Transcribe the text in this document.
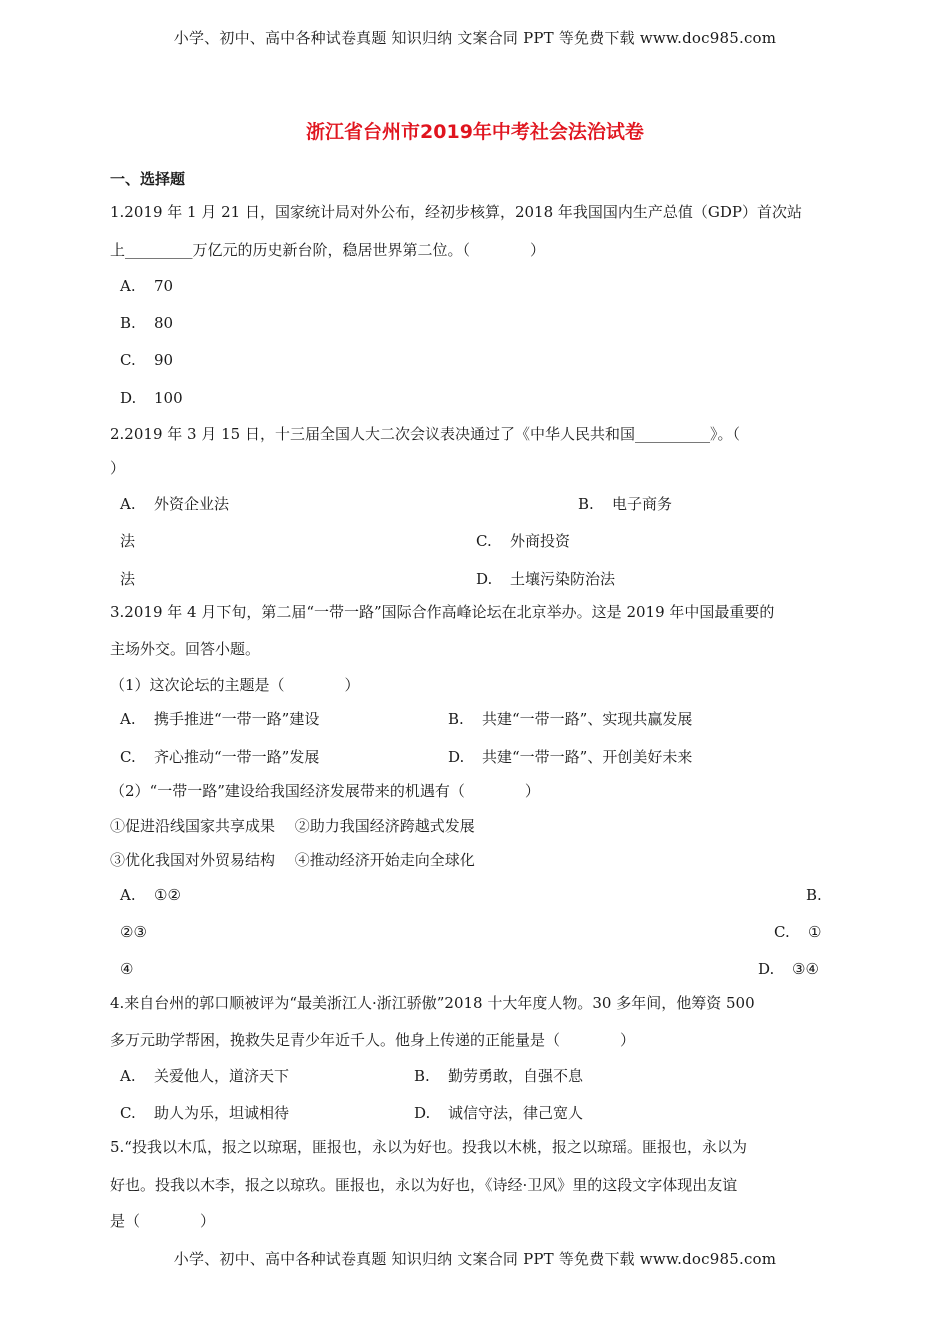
小学、初中、高中各种试卷真题 知识归纳 文案合同 PPT 等免费下载 www.doc985.com
浙江省台州市2019年中考社会法治试卷
一、选择题
1.2019 年 1 月 21 日，国家统计局对外公布，经初步核算，2018 年我国国内生产总值（GDP）首次站
上_________万亿元的历史新台阶，稳居世界第二位。（　　　　）
A. 70
B. 80
C. 90
D. 100
2.2019 年 3 月 15 日，十三届全国人大二次会议表决通过了《中华人民共和国__________》。（
）
A. 外资企业法	B. 电子商务
法	C. 外商投资
法	D. 土壤污染防治法
3.2019 年 4 月下旬，第二届“一带一路”国际合作高峰论坛在北京举办。这是 2019 年中国最重要的
主场外交。回答小题。
（1）这次论坛的主题是（　　　　）
A. 携手推进“一带一路”建设	B. 共建“一带一路”、实现共赢发展
C. 齐心推动“一带一路”发展	D. 共建“一带一路”、开创美好未来
（2）“一带一路”建设给我国经济发展带来的机遇有（　　　　）
①促进沿线国家共享成果　 ②助力我国经济跨越式发展
③优化我国对外贸易结构　 ④推动经济开始走向全球化
A. ①②	B.
②③	C. ①
④	D. ③④
4.来自台州的郭口顺被评为“最美浙江人·浙江骄傲”2018 十大年度人物。30 多年间，他筹资 500
多万元助学帮困，挽救失足青少年近千人。他身上传递的正能量是（　　　　）
A. 关爱他人，道济天下	B. 勤劳勇敢，自强不息
C. 助人为乐，坦诚相待	D. 诚信守法，律己宽人
5.“投我以木瓜，报之以琼琚，匪报也，永以为好也。投我以木桃，报之以琼瑶。匪报也，永以为
好也。投我以木李，报之以琼玖。匪报也，永以为好也，《诗经·卫风》里的这段文字体现出友谊
是（　　　　）
小学、初中、高中各种试卷真题 知识归纳 文案合同 PPT 等免费下载 www.doc985.com
